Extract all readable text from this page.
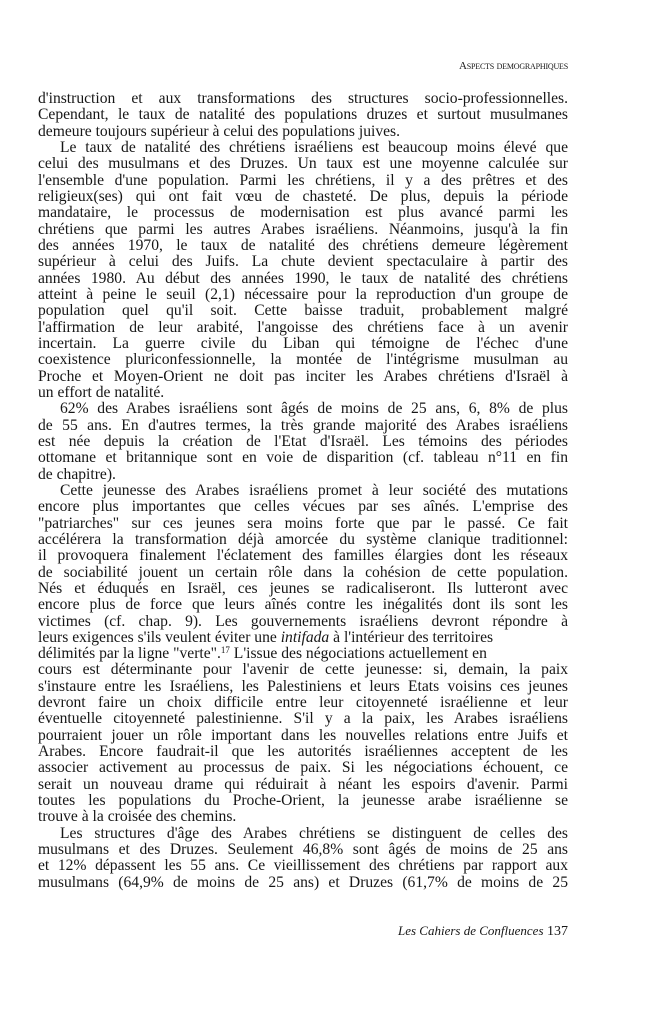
Aspects demographiques
d'instruction et aux transformations des structures socio-professionnelles.
Cependant, le taux de natalité des populations druzes et surtout musulmanes
demeure toujours supérieur à celui des populations juives.
Le taux de natalité des chrétiens israéliens est beaucoup moins élevé que
celui des musulmans et des Druzes. Un taux est une moyenne calculée sur
l'ensemble d'une population. Parmi les chrétiens, il y a des prêtres et des
religieux(ses) qui ont fait vœu de chasteté. De plus, depuis la période
mandataire, le processus de modernisation est plus avancé parmi les
chrétiens que parmi les autres Arabes israéliens. Néanmoins, jusqu'à la fin
des années 1970, le taux de natalité des chrétiens demeure légèrement
supérieur à celui des Juifs. La chute devient spectaculaire à partir des
années 1980. Au début des années 1990, le taux de natalité des chrétiens
atteint à peine le seuil (2,1) nécessaire pour la reproduction d'un groupe de
population quel qu'il soit. Cette baisse traduit, probablement malgré
l'affirmation de leur arabité, l'angoisse des chrétiens face à un avenir
incertain. La guerre civile du Liban qui témoigne de l'échec d'une
coexistence pluriconfessionnelle, la montée de l'intégrisme musulman au
Proche et Moyen-Orient ne doit pas inciter les Arabes chrétiens d'Israël à
un effort de natalité.
62% des Arabes israéliens sont âgés de moins de 25 ans, 6, 8% de plus
de 55 ans. En d'autres termes, la très grande majorité des Arabes israéliens
est née depuis la création de l'Etat d'Israël. Les témoins des périodes
ottomane et britannique sont en voie de disparition (cf. tableau n°11 en fin
de chapitre).
Cette jeunesse des Arabes israéliens promet à leur société des mutations
encore plus importantes que celles vécues par ses aînés. L'emprise des
"patriarches" sur ces jeunes sera moins forte que par le passé. Ce fait
accélérera la transformation déjà amorcée du système clanique traditionnel:
il provoquera finalement l'éclatement des familles élargies dont les réseaux
de sociabilité jouent un certain rôle dans la cohésion de cette population.
Nés et éduqués en Israël, ces jeunes se radicaliseront. Ils lutteront avec
encore plus de force que leurs aînés contre les inégalités dont ils sont les
victimes (cf. chap. 9). Les gouvernements israéliens devront répondre à
leurs exigences s'ils veulent éviter une intifada à l'intérieur des territoires
délimités par la ligne "verte".17 L'issue des négociations actuellement en
cours est déterminante pour l'avenir de cette jeunesse: si, demain, la paix
s'instaure entre les Israéliens, les Palestiniens et leurs Etats voisins ces jeunes
devront faire un choix difficile entre leur citoyenneté israélienne et leur
éventuelle citoyenneté palestinienne. S'il y a la paix, les Arabes israéliens
pourraient jouer un rôle important dans les nouvelles relations entre Juifs et
Arabes. Encore faudrait-il que les autorités israéliennes acceptent de les
associer activement au processus de paix. Si les négociations échouent, ce
serait un nouveau drame qui réduirait à néant les espoirs d'avenir. Parmi
toutes les populations du Proche-Orient, la jeunesse arabe israélienne se
trouve à la croisée des chemins.
Les structures d'âge des Arabes chrétiens se distinguent de celles des
musulmans et des Druzes. Seulement 46,8% sont âgés de moins de 25 ans
et 12% dépassent les 55 ans. Ce vieillissement des chrétiens par rapport aux
musulmans (64,9% de moins de 25 ans) et Druzes (61,7% de moins de 25
Les Cahiers de Confluences 137
